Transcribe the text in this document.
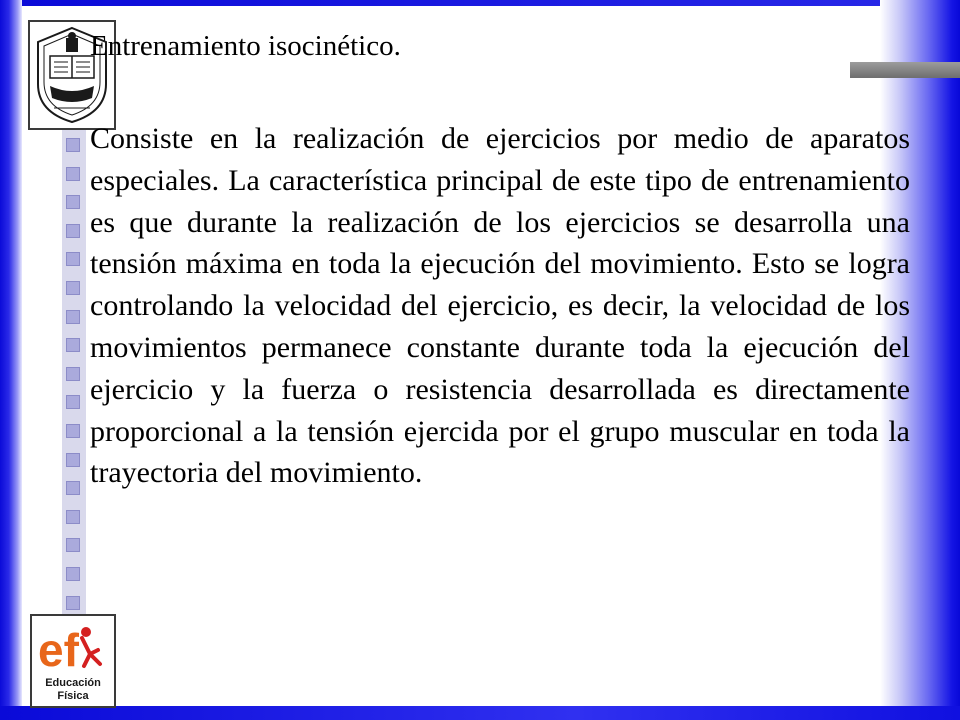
ef
Educación
Física
Entrenamiento isocinético.

Consiste en la realización de ejercicios por medio de aparatos especiales. La característica principal de este tipo de entrenamiento es que durante la realización de los ejercicios se desarrolla una tensión máxima en toda la ejecución del movimiento. Esto se logra controlando la velocidad del ejercicio, es decir, la velocidad de los movimientos permanece constante durante toda la ejecución del ejercicio y la fuerza o resistencia desarrollada es directamente proporcional a la tensión ejercida por el grupo muscular en toda la trayectoria del movimiento.
